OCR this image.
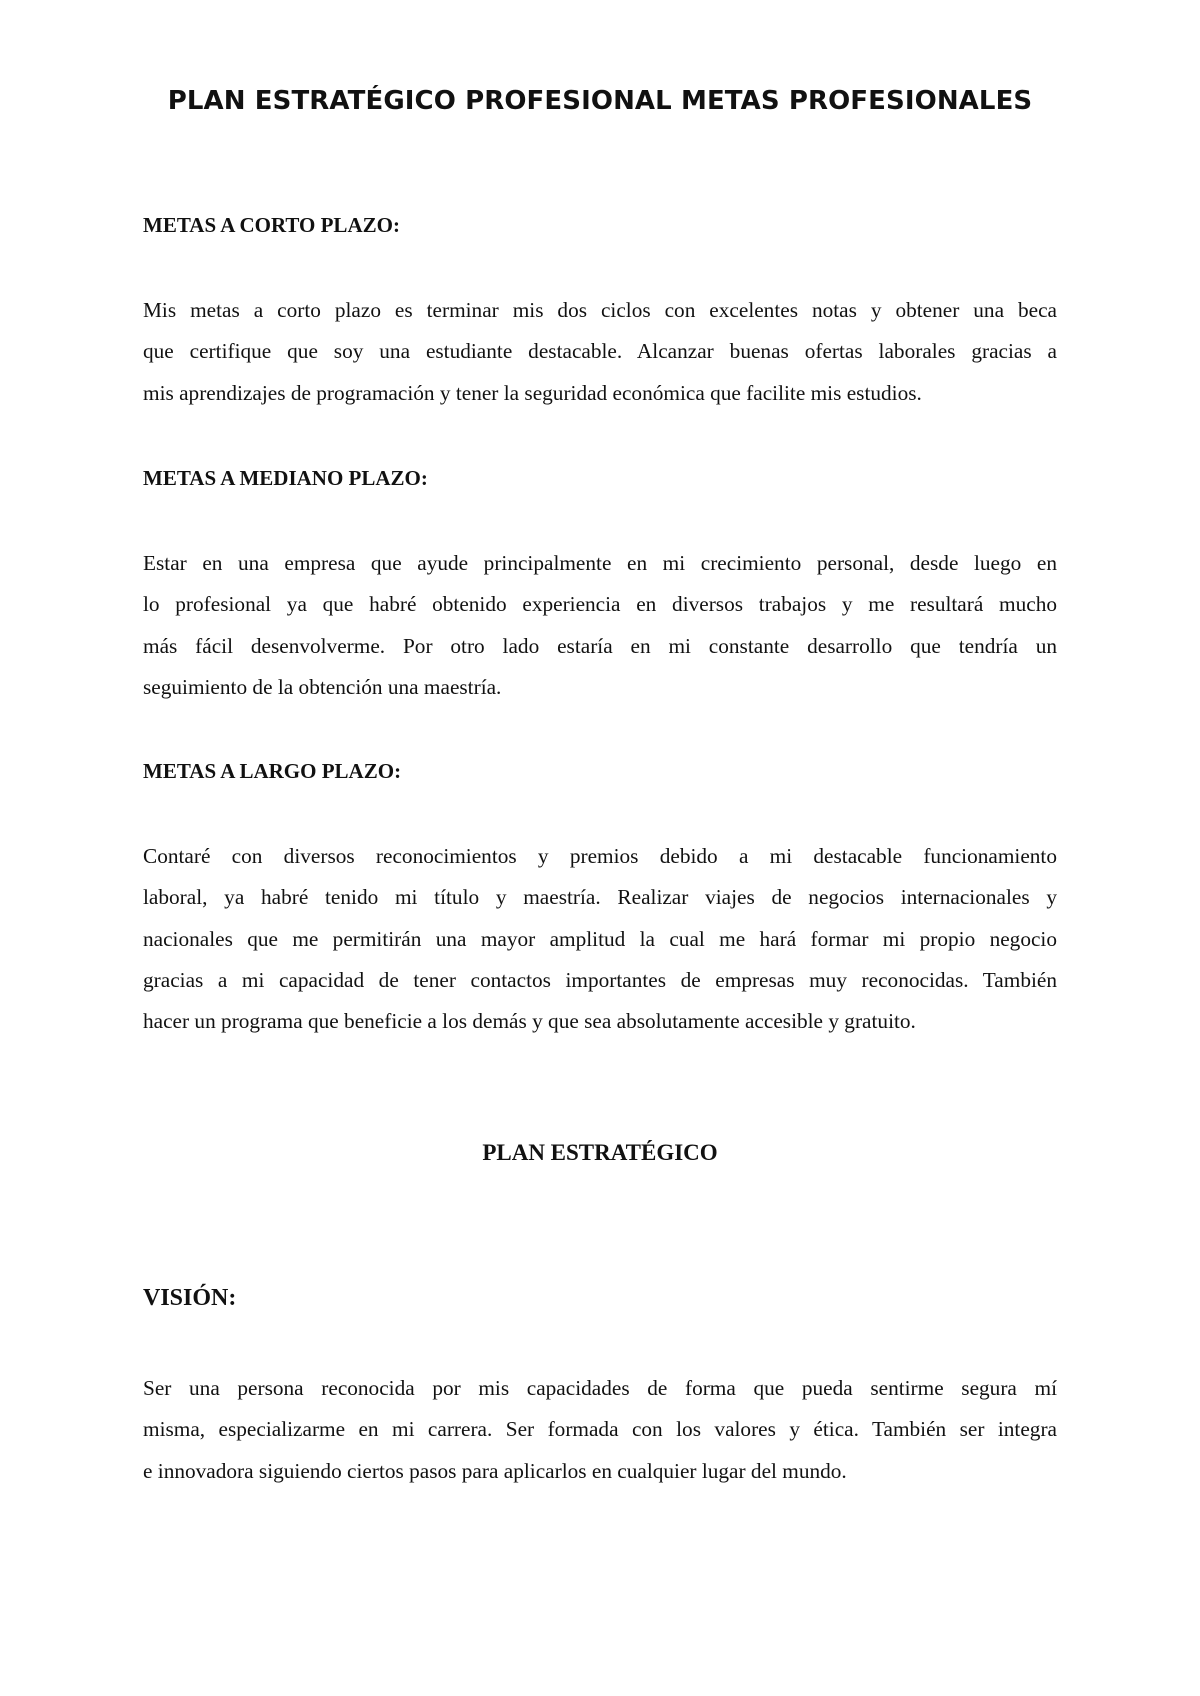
PLAN ESTRATÉGICO PROFESIONAL METAS PROFESIONALES
METAS A CORTO PLAZO:

Mis metas a corto plazo es terminar mis dos ciclos con excelentes notas y obtener una beca
que certifique que soy una estudiante destacable. Alcanzar buenas ofertas laborales gracias a
mis aprendizajes de programación y tener la seguridad económica que facilite mis estudios.

METAS A MEDIANO PLAZO:

Estar en una empresa que ayude principalmente en mi crecimiento personal, desde luego en
lo profesional ya que habré obtenido experiencia en diversos trabajos y me resultará mucho
más fácil desenvolverme. Por otro lado estaría en mi constante desarrollo que tendría un
seguimiento de la obtención una maestría.

METAS A LARGO PLAZO:

Contaré con diversos reconocimientos y premios debido a mi destacable funcionamiento
laboral, ya habré tenido mi título y maestría. Realizar viajes de negocios internacionales y
nacionales que me permitirán una mayor amplitud la cual me hará formar mi propio negocio
gracias a mi capacidad de tener contactos importantes de empresas muy reconocidas. También
hacer un programa que beneficie a los demás y que sea absolutamente accesible y gratuito.

PLAN ESTRATÉGICO
VISIÓN:

Ser una persona reconocida por mis capacidades de forma que pueda sentirme segura mí
misma, especializarme en mi carrera. Ser formada con los valores y ética. También ser integra
e innovadora siguiendo ciertos pasos para aplicarlos en cualquier lugar del mundo.
